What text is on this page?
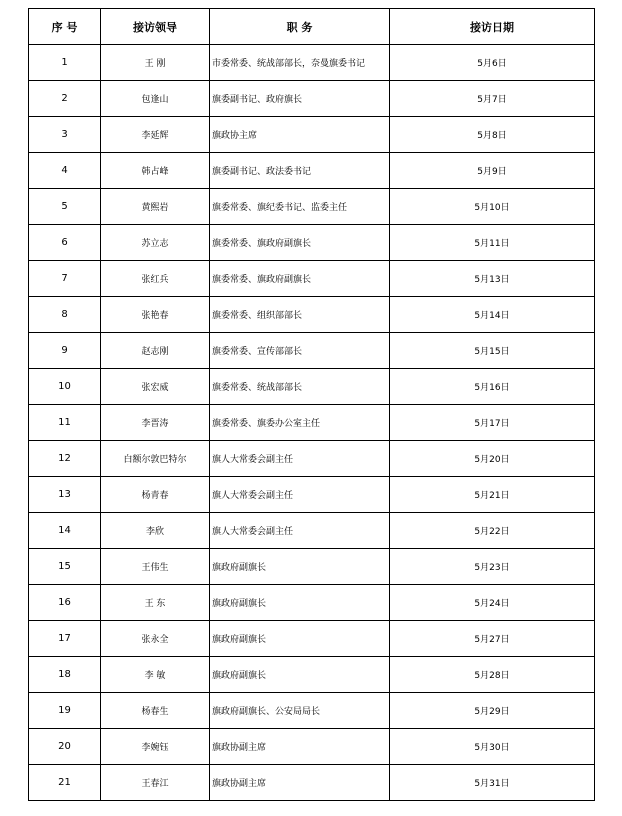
序 号	接访领导	职 务	接访日期
1	王 刚	市委常委、统战部部长，奈曼旗委书记	5月6日
2	包逢山	旗委副书记、政府旗长	5月7日
3	李延辉	旗政协主席	5月8日
4	韩占峰	旗委副书记、政法委书记	5月9日
5	黄熙岩	旗委常委、旗纪委书记、监委主任	5月10日
6	苏立志	旗委常委、旗政府副旗长	5月11日
7	张红兵	旗委常委、旗政府副旗长	5月13日
8	张艳春	旗委常委、组织部部长	5月14日
9	赵志刚	旗委常委、宣传部部长	5月15日
10	张宏威	旗委常委、统战部部长	5月16日
11	李晋涛	旗委常委、旗委办公室主任	5月17日
12	白额尔敦巴特尔	旗人大常委会副主任	5月20日
13	杨青春	旗人大常委会副主任	5月21日
14	李欣	旗人大常委会副主任	5月22日
15	王伟生	旗政府副旗长	5月23日
16	王 东	旗政府副旗长	5月24日
17	张永全	旗政府副旗长	5月27日
18	李 敏	旗政府副旗长	5月28日
19	杨春生	旗政府副旗长、公安局局长	5月29日
20	李婉钰	旗政协副主席	5月30日
21	王春江	旗政协副主席	5月31日
